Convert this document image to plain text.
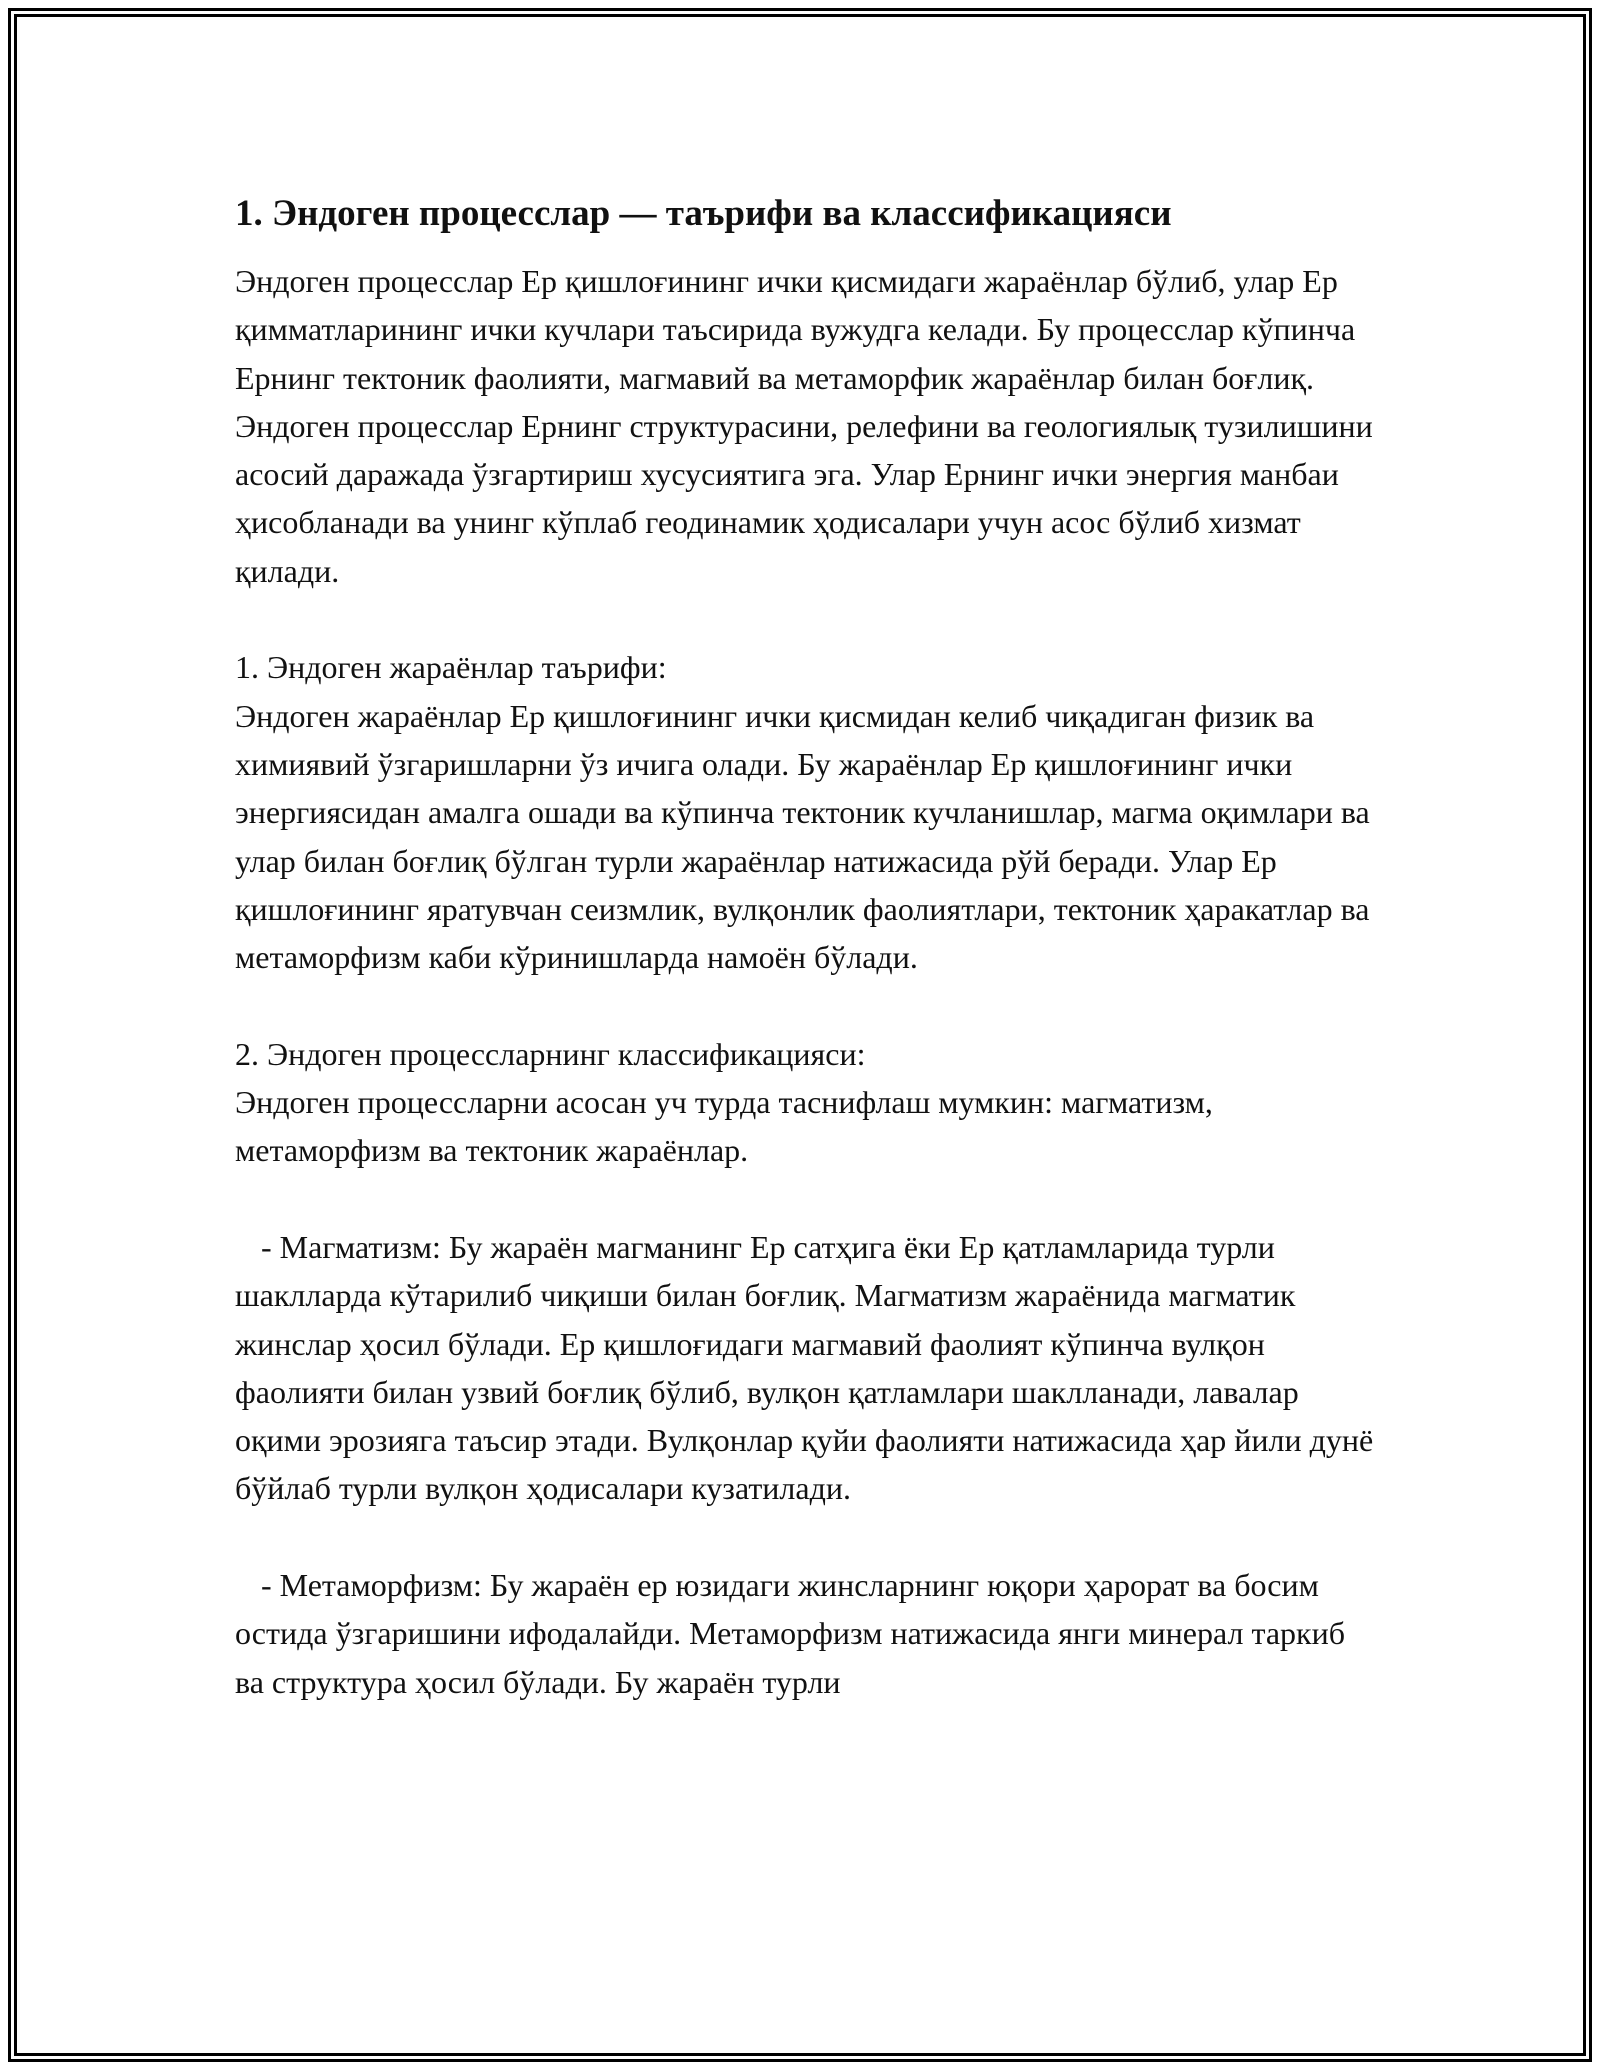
1. Эндоген процесслар — таърифи ва классификацияси

Эндоген процесслар Ер қишлоғининг ички қисмидаги жараёнлар бўлиб, улар Ер қимматларининг ички кучлари таъсирида вужудга келади. Бу процесслар кўпинча Ернинг тектоник фаолияти, магмавий ва метаморфик жараёнлар билан боғлиқ. Эндоген процесслар Ернинг структурасини, релефини ва геологиялық тузилишини асосий даражада ўзгартириш хусусиятига эга. Улар Ернинг ички энергия манбаи ҳисобланади ва унинг кўплаб геодинамик ҳодисалари учун асос бўлиб хизмат қилади.

1. Эндоген жараёнлар таърифи:

Эндоген жараёнлар Ер қишлоғининг ички қисмидан келиб чиқадиган физик ва химиявий ўзгаришларни ўз ичига олади. Бу жараёнлар Ер қишлоғининг ички энергиясидан амалга ошади ва кўпинча тектоник кучланишлар, магма оқимлари ва улар билан боғлиқ бўлган турли жараёнлар натижасида рўй беради. Улар Ер қишлоғининг яратувчан сеизмлик, вулқонлик фаолиятлари, тектоник ҳаракатлар ва метаморфизм каби кўринишларда намоён бўлади.

2. Эндоген процессларнинг классификацияси:

Эндоген процессларни асосан уч турда таснифлаш мумкин: магматизм, метаморфизм ва тектоник жараёнлар.

- Магматизм: Бу жараён магманинг Ер сатҳига ёки Ер қатламларида турли шаклларда кўтарилиб чиқиши билан боғлиқ. Магматизм жараёнида магматик жинслар ҳосил бўлади. Ер қишлоғидаги магмавий фаолият кўпинча вулқон фаолияти билан узвий боғлиқ бўлиб, вулқон қатламлари шаклланади, лавалар оқими эрозияга таъсир этади. Вулқонлар қуйи фаолияти натижасида ҳар йили дунё бўйлаб турли вулқон ҳодисалари кузатилади.

- Метаморфизм: Бу жараён ер юзидаги жинсларнинг юқори ҳарорат ва босим остида ўзгаришини ифодалайди. Метаморфизм натижасида янги минерал таркиб ва структура ҳосил бўлади. Бу жараён турли
